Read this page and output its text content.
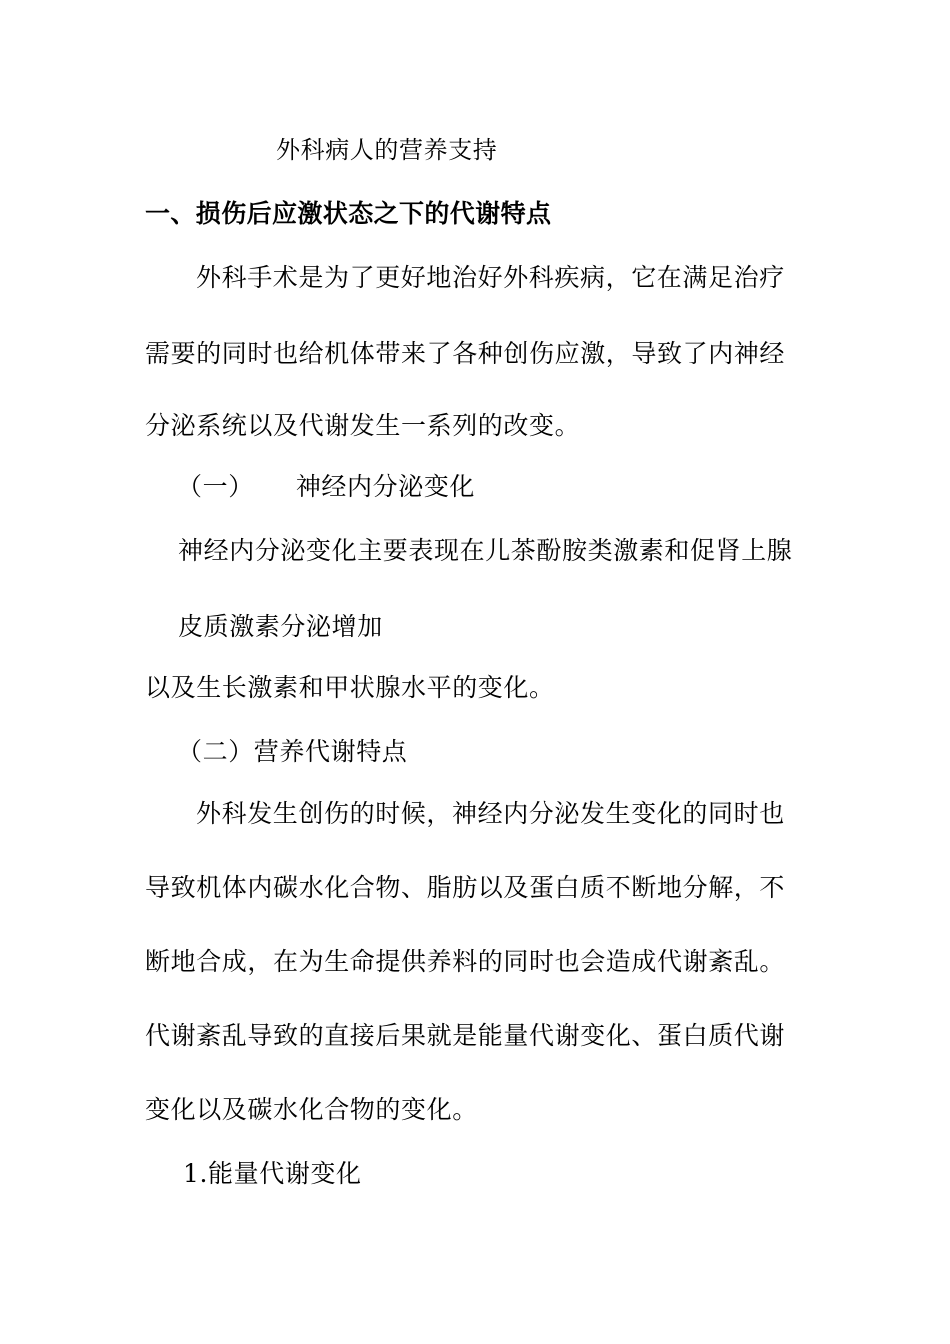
外科病人的营养支持
一、损伤后应激状态之下的代谢特点
外科手术是为了更好地治好外科疾病，它在满足治疗
需要的同时也给机体带来了各种创伤应激，导致了内神经
分泌系统以及代谢发生一系列的改变。
（一） 神经内分泌变化
神经内分泌变化主要表现在儿茶酚胺类激素和促肾上腺
皮质激素分泌增加
以及生长激素和甲状腺水平的变化。
（二）营养代谢特点
外科发生创伤的时候，神经内分泌发生变化的同时也
导致机体内碳水化合物、脂肪以及蛋白质不断地分解，不
断地合成，在为生命提供养料的同时也会造成代谢紊乱。
代谢紊乱导致的直接后果就是能量代谢变化、蛋白质代谢
变化以及碳水化合物的变化。
1.能量代谢变化
